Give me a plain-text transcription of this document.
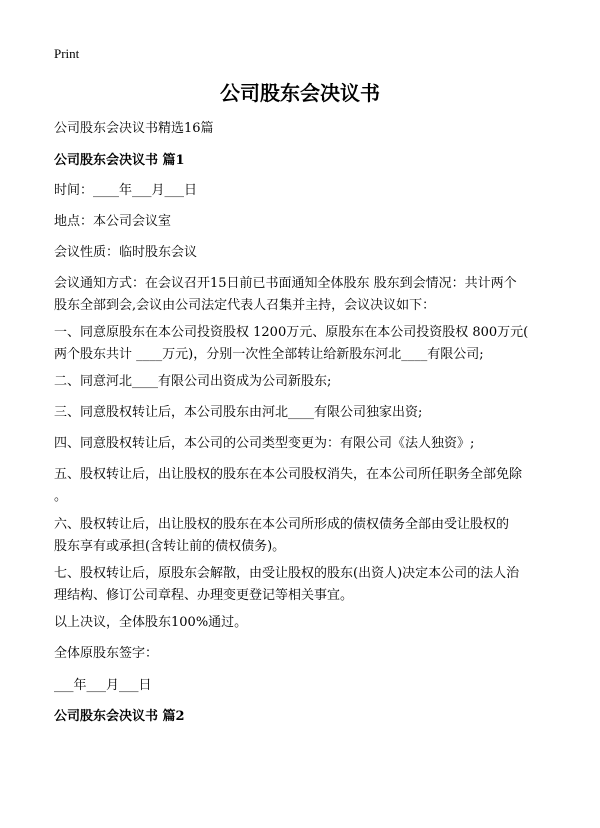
Print
公司股东会决议书
公司股东会决议书精选16篇
公司股东会决议书 篇1
时间：____年___月___日
地点：本公司会议室
会议性质：临时股东会议
会议通知方式：在会议召开15日前已书面通知全体股东 股东到会情况：共计两个
股东全部到会,会议由公司法定代表人召集并主持，会议决议如下：
一、同意原股东在本公司投资股权 1200万元、原股东在本公司投资股权 800万元(
两个股东共计 ____万元)，分别一次性全部转让给新股东河北____有限公司;
二、同意河北____有限公司出资成为公司新股东;
三、同意股权转让后，本公司股东由河北____有限公司独家出资;
四、同意股权转让后，本公司的公司类型变更为：有限公司《法人独资》;
五、股权转让后，出让股权的股东在本公司股权消失，在本公司所任职务全部免除
。
六、股权转让后，出让股权的股东在本公司所形成的债权债务全部由受让股权的
股东享有或承担(含转让前的债权债务)。
七、股权转让后，原股东会解散，由受让股权的股东(出资人)决定本公司的法人治
理结构、修订公司章程、办理变更登记等相关事宜。
以上决议，全体股东100%通过。
全体原股东签字：
___年___月___日
公司股东会决议书 篇2
